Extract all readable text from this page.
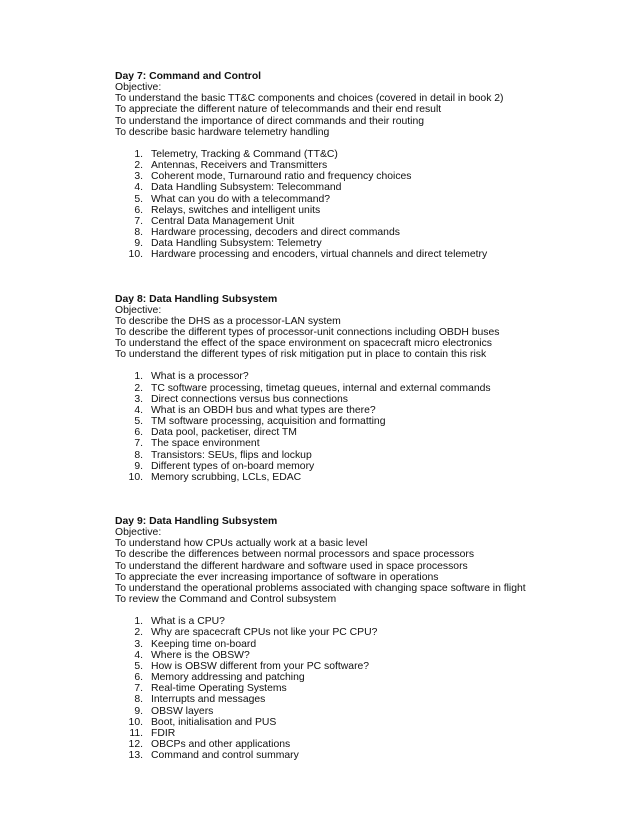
Day 7: Command and Control

Objective:

To understand the basic TT&C components and choices (covered in detail in book 2)

To appreciate the different nature of telecommands and their end result

To understand the importance of direct commands and their routing

To describe basic hardware telemetry handling

1. Telemetry, Tracking & Command (TT&C)
2. Antennas, Receivers and Transmitters
3. Coherent mode, Turnaround ratio and frequency choices
4. Data Handling Subsystem: Telecommand
5. What can you do with a telecommand?
6. Relays, switches and intelligent units
7. Central Data Management Unit
8. Hardware processing, decoders and direct commands
9. Data Handling Subsystem: Telemetry
10. Hardware processing and encoders, virtual channels and direct telemetry

Day 8: Data Handling Subsystem

Objective:

To describe the DHS as a processor-LAN system

To describe the different types of processor-unit connections including OBDH buses

To understand the effect of the space environment on spacecraft micro electronics

To understand the different types of risk mitigation put in place to contain this risk

1. What is a processor?
2. TC software processing, timetag queues, internal and external commands
3. Direct connections versus bus connections
4. What is an OBDH bus and what types are there?
5. TM software processing, acquisition and formatting
6. Data pool, packetiser, direct TM
7. The space environment
8. Transistors: SEUs, flips and lockup
9. Different types of on-board memory
10. Memory scrubbing, LCLs, EDAC

Day 9: Data Handling Subsystem

Objective:

To understand how CPUs actually work at a basic level

To describe the differences between normal processors and space processors

To understand the different hardware and software used in space processors

To appreciate the ever increasing importance of software in operations

To understand the operational problems associated with changing space software in flight

To review the Command and Control subsystem

1. What is a CPU?
2. Why are spacecraft CPUs not like your PC CPU?
3. Keeping time on-board
4. Where is the OBSW?
5. How is OBSW different from your PC software?
6. Memory addressing and patching
7. Real-time Operating Systems
8. Interrupts and messages
9. OBSW layers
10. Boot, initialisation and PUS
11. FDIR
12. OBCPs and other applications
13. Command and control summary
